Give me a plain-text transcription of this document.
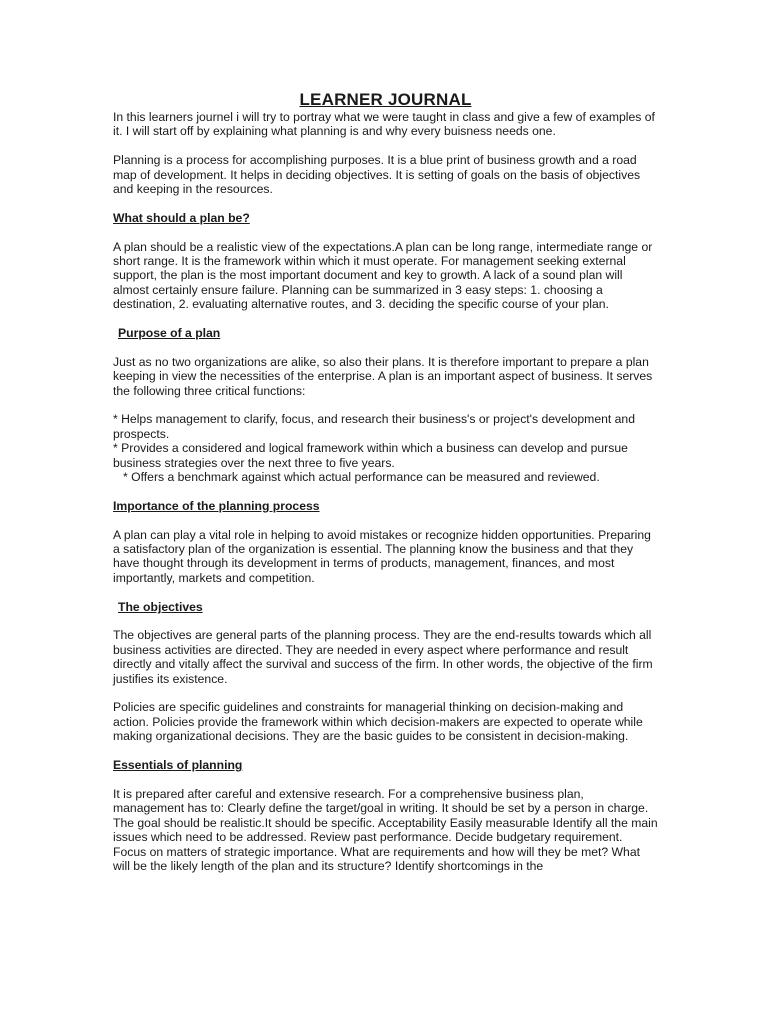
LEARNER JOURNAL

In this learners journel i will try to portray what we were taught in class and give a few of examples of it. I will start off by explaining what planning is and why every buisness needs one.

Planning is a process for accomplishing purposes. It is a blue print of business growth and a road map of development. It helps in deciding objectives. It is setting of goals on the basis of objectives and keeping in the resources.

What should a plan be?

A plan should be a realistic view of the expectations.A plan can be long range, intermediate range or short range. It is the framework within which it must operate. For management seeking external support, the plan is the most important document and key to growth. A lack of a sound plan will almost certainly ensure failure. Planning can be summarized in 3 easy steps: 1. choosing a destination, 2. evaluating alternative routes, and 3. deciding the specific course of your plan.

Purpose of a plan

Just as no two organizations are alike, so also their plans. It is therefore important to prepare a plan keeping in view the necessities of the enterprise. A plan is an important aspect of business. It serves the following three critical functions:

* Helps management to clarify, focus, and research their business's or project's development and prospects.
* Provides a considered and logical framework within which a business can develop and pursue business strategies over the next three to five years.
* Offers a benchmark against which actual performance can be measured and reviewed.
Importance of the planning process

A plan can play a vital role in helping to avoid mistakes or recognize hidden opportunities. Preparing a satisfactory plan of the organization is essential. The planning know the business and that they have thought through its development in terms of products, management, finances, and most importantly, markets and competition.

The objectives

The objectives are general parts of the planning process. They are the end-results towards which all business activities are directed. They are needed in every aspect where performance and result directly and vitally affect the survival and success of the firm. In other words, the objective of the firm justifies its existence.

Policies are specific guidelines and constraints for managerial thinking on decision-making and action. Policies provide the framework within which decision-makers are expected to operate while making organizational decisions. They are the basic guides to be consistent in decision-making.

Essentials of planning

It is prepared after careful and extensive research. For a comprehensive business plan, management has to: Clearly define the target/goal in writing. It should be set by a person in charge. The goal should be realistic.It should be specific. Acceptability Easily measurable Identify all the main issues which need to be addressed. Review past performance. Decide budgetary requirement. Focus on matters of strategic importance. What are requirements and how will they be met? What will be the likely length of the plan and its structure? Identify shortcomings in the
